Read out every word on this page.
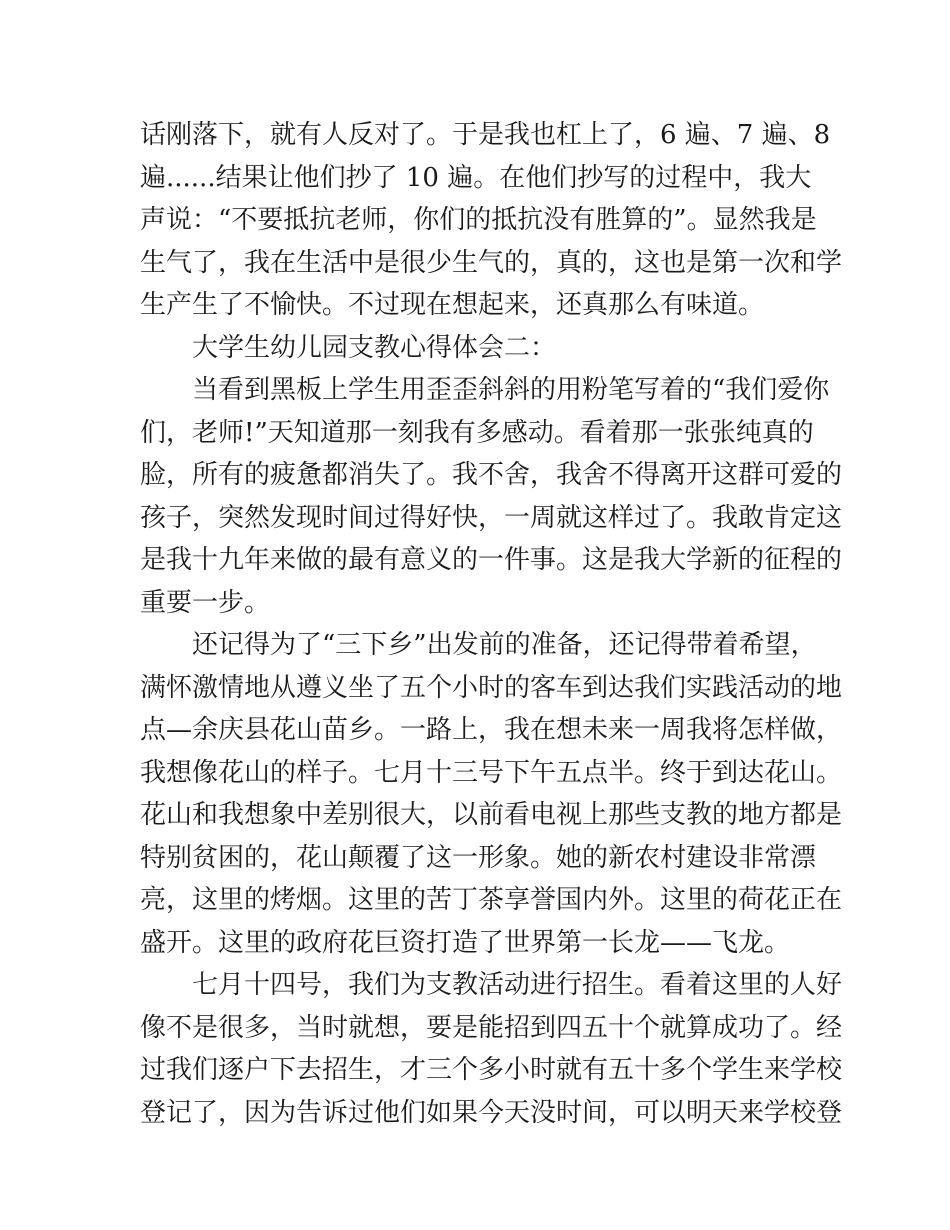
话刚落下，就有人反对了。于是我也杠上了，6 遍、7 遍、8
遍......结果让他们抄了 10 遍。在他们抄写的过程中，我大
声说：“不要抵抗老师，你们的抵抗没有胜算的”。显然我是
生气了，我在生活中是很少生气的，真的，这也是第一次和学
生产生了不愉快。不过现在想起来，还真那么有味道。

大学生幼儿园支教心得体会二：

当看到黑板上学生用歪歪斜斜的用粉笔写着的“我们爱你
们，老师!”天知道那一刻我有多感动。看着那一张张纯真的
脸，所有的疲惫都消失了。我不舍，我舍不得离开这群可爱的
孩子，突然发现时间过得好快，一周就这样过了。我敢肯定这
是我十九年来做的最有意义的一件事。这是我大学新的征程的
重要一步。

还记得为了“三下乡”出发前的准备，还记得带着希望，
满怀激情地从遵义坐了五个小时的客车到达我们实践活动的地
点—余庆县花山苗乡。一路上，我在想未来一周我将怎样做，
我想像花山的样子。七月十三号下午五点半。终于到达花山。
花山和我想象中差别很大，以前看电视上那些支教的地方都是
特别贫困的，花山颠覆了这一形象。她的新农村建设非常漂
亮，这里的烤烟。这里的苦丁茶享誉国内外。这里的荷花正在
盛开。这里的政府花巨资打造了世界第一长龙——飞龙。

七月十四号，我们为支教活动进行招生。看着这里的人好
像不是很多，当时就想，要是能招到四五十个就算成功了。经
过我们逐户下去招生，才三个多小时就有五十多个学生来学校
登记了，因为告诉过他们如果今天没时间，可以明天来学校登
